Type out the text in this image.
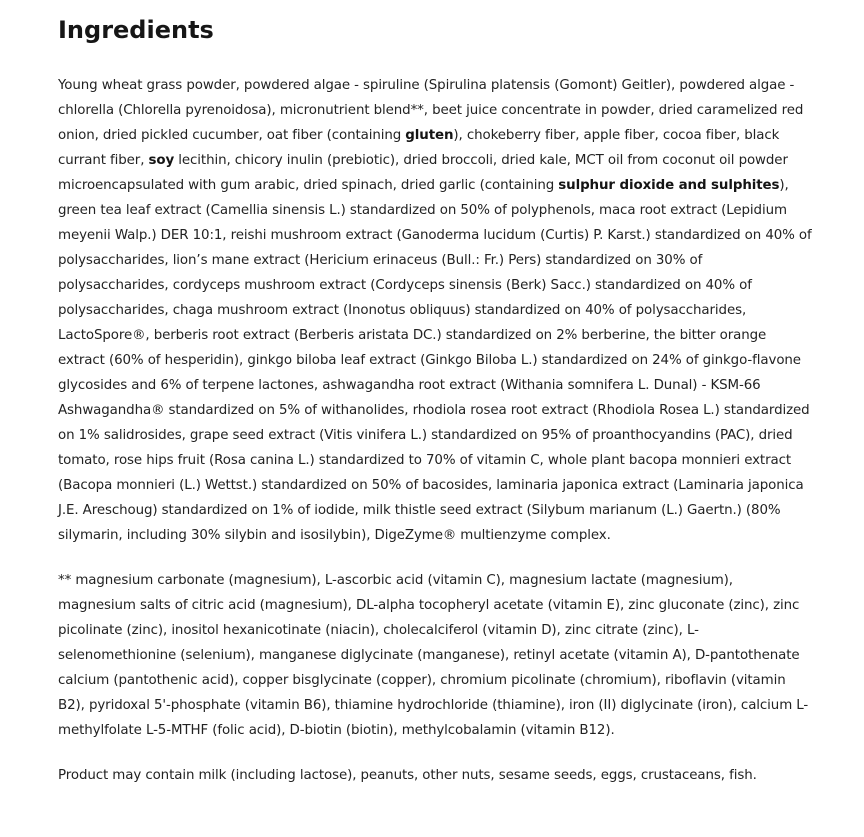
Ingredients

Young wheat grass powder, powdered algae - spiruline (Spirulina platensis (Gomont) Geitler), powdered algae - chlorella (Chlorella pyrenoidosa), micronutrient blend**, beet juice concentrate in powder, dried caramelized red onion, dried pickled cucumber, oat fiber (containing gluten), chokeberry fiber, apple fiber, cocoa fiber, black currant fiber, soy lecithin, chicory inulin (prebiotic), dried broccoli, dried kale, MCT oil from coconut oil powder microencapsulated with gum arabic, dried spinach, dried garlic (containing sulphur dioxide and sulphites), green tea leaf extract (Camellia sinensis L.) standardized on 50% of polyphenols, maca root extract (Lepidium meyenii Walp.) DER 10:1, reishi mushroom extract (Ganoderma lucidum (Curtis) P. Karst.) standardized on 40% of polysaccharides, lion’s mane extract (Hericium erinaceus (Bull.: Fr.) Pers) standardized on 30% of polysaccharides, cordyceps mushroom extract (Cordyceps sinensis (Berk) Sacc.) standardized on 40% of polysaccharides, chaga mushroom extract (Inonotus obliquus) standardized on 40% of polysaccharides, LactoSpore®, berberis root extract (Berberis aristata DC.) standardized on 2% berberine, the bitter orange extract (60% of hesperidin), ginkgo biloba leaf extract (Ginkgo Biloba L.) standardized on 24% of ginkgo-flavone glycosides and 6% of terpene lactones, ashwagandha root extract (Withania somnifera L. Dunal) - KSM-66 Ashwagandha® standardized on 5% of withanolides, rhodiola rosea root extract (Rhodiola Rosea L.) standardized on 1% salidrosides, grape seed extract (Vitis vinifera L.) standardized on 95% of proanthocyandins (PAC), dried tomato, rose hips fruit (Rosa canina L.) standardized to 70% of vitamin C, whole plant bacopa monnieri extract (Bacopa monnieri (L.) Wettst.) standardized on 50% of bacosides, laminaria japonica extract (Laminaria japonica J.E. Areschoug) standardized on 1% of iodide, milk thistle seed extract (Silybum marianum (L.) Gaertn.) (80% silymarin, including 30% silybin and isosilybin), DigeZyme® multienzyme complex.

** magnesium carbonate (magnesium), L-ascorbic acid (vitamin C), magnesium lactate (magnesium), magnesium salts of citric acid (magnesium), DL-alpha tocopheryl acetate (vitamin E), zinc gluconate (zinc), zinc picolinate (zinc), inositol hexanicotinate (niacin), cholecalciferol (vitamin D), zinc citrate (zinc), L-selenomethionine (selenium), manganese diglycinate (manganese), retinyl acetate (vitamin A), D-pantothenate calcium (pantothenic acid), copper bisglycinate (copper), chromium picolinate (chromium), riboflavin (vitamin B2), pyridoxal 5'-phosphate (vitamin B6), thiamine hydrochloride (thiamine), iron (II) diglycinate (iron), calcium L-methylfolate L-5-MTHF (folic acid), D-biotin (biotin), methylcobalamin (vitamin B12).

Product may contain milk (including lactose), peanuts, other nuts, sesame seeds, eggs, crustaceans, fish.
